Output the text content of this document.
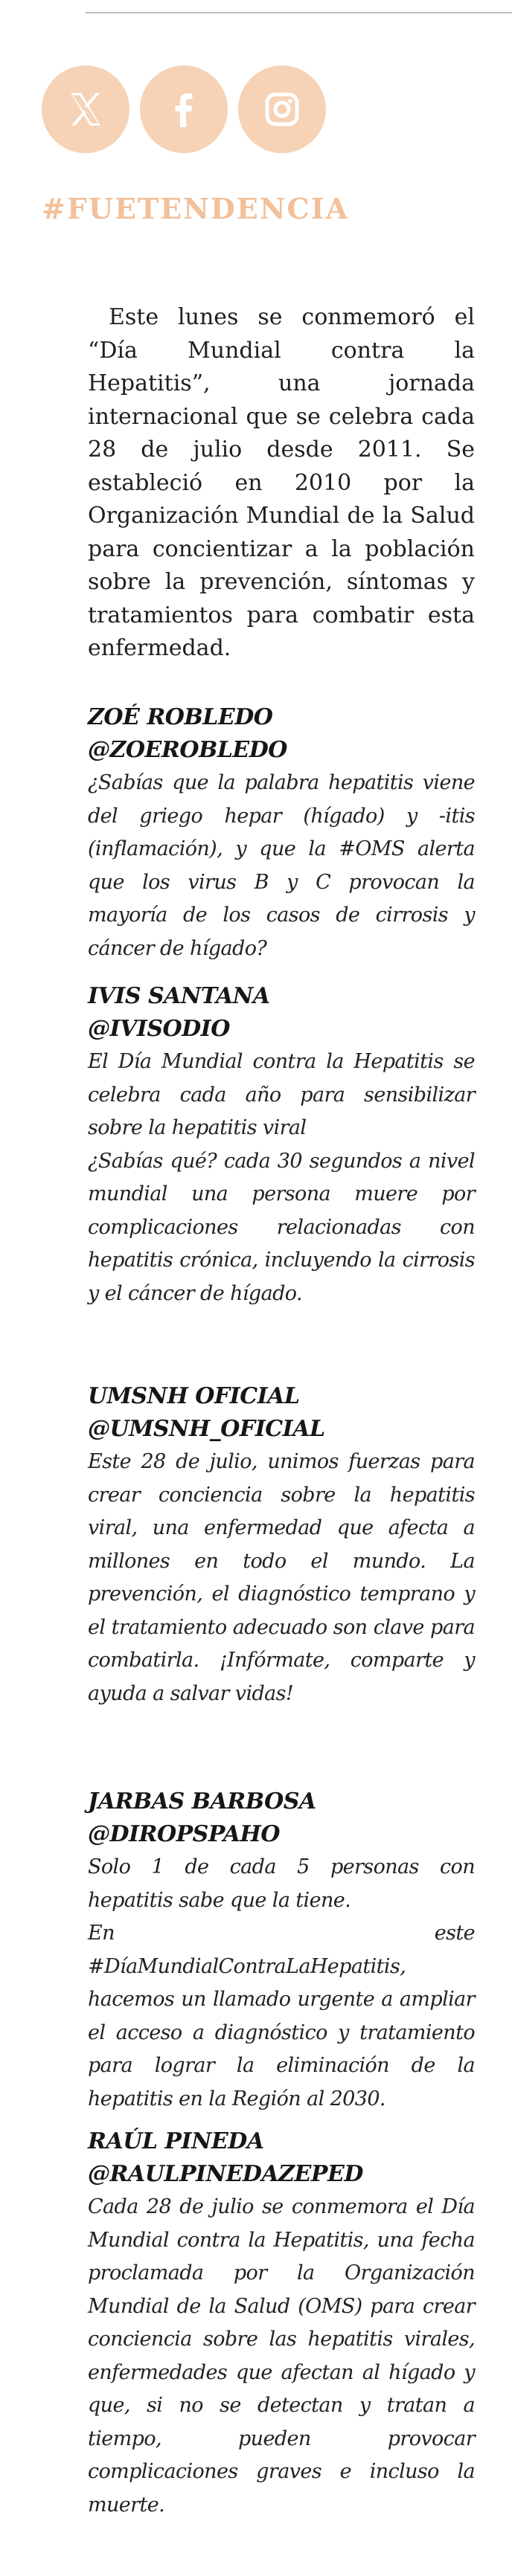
#FUETENDENCIA
Este lunes se conmemoró el “Día Mundial contra la Hepatitis”, una jornada internacional que se celebra cada 28 de julio desde 2011. Se estableció en 2010 por la Organización Mundial de la Salud para concientizar a la población sobre la prevención, síntomas y tratamientos para combatir esta enfermedad.
ZOÉ ROBLEDO
@ZOEROBLEDO
¿Sabías que la palabra hepatitis viene del griego hepar (hígado) y -itis (inflamación), y que la #OMS alerta que los virus B y C provocan la mayoría de los casos de cirrosis y cáncer de hígado?
IVIS SANTANA
@IVISODIO
El Día Mundial contra la Hepatitis se celebra cada año para sensibilizar sobre la hepatitis viral
¿Sabías qué? cada 30 segundos a nivel mundial una persona muere por complicaciones relacionadas con hepatitis crónica, incluyendo la cirrosis y el cáncer de hígado.
UMSNH OFICIAL
@UMSNH_OFICIAL
Este 28 de julio, unimos fuerzas para crear conciencia sobre la hepatitis viral, una enfermedad que afecta a millones en todo el mundo. La prevención, el diagnóstico temprano y el tratamiento adecuado son clave para combatirla. ¡Infórmate, comparte y ayuda a salvar vidas!
JARBAS BARBOSA
@DIROPSPAHO
Solo 1 de cada 5 personas con hepatitis sabe que la tiene.
En este #DíaMundialContraLaHepatitis, hacemos un llamado urgente a ampliar el acceso a diagnóstico y tratamiento para lograr la eliminación de la hepatitis en la Región al 2030.
RAÚL PINEDA
@RAULPINEDAZEPED
Cada 28 de julio se conmemora el Día Mundial contra la Hepatitis, una fecha proclamada por la Organización Mundial de la Salud (OMS) para crear conciencia sobre las hepatitis virales, enfermedades que afectan al hígado y que, si no se detectan y tratan a tiempo, pueden provocar complicaciones graves e incluso la muerte.
